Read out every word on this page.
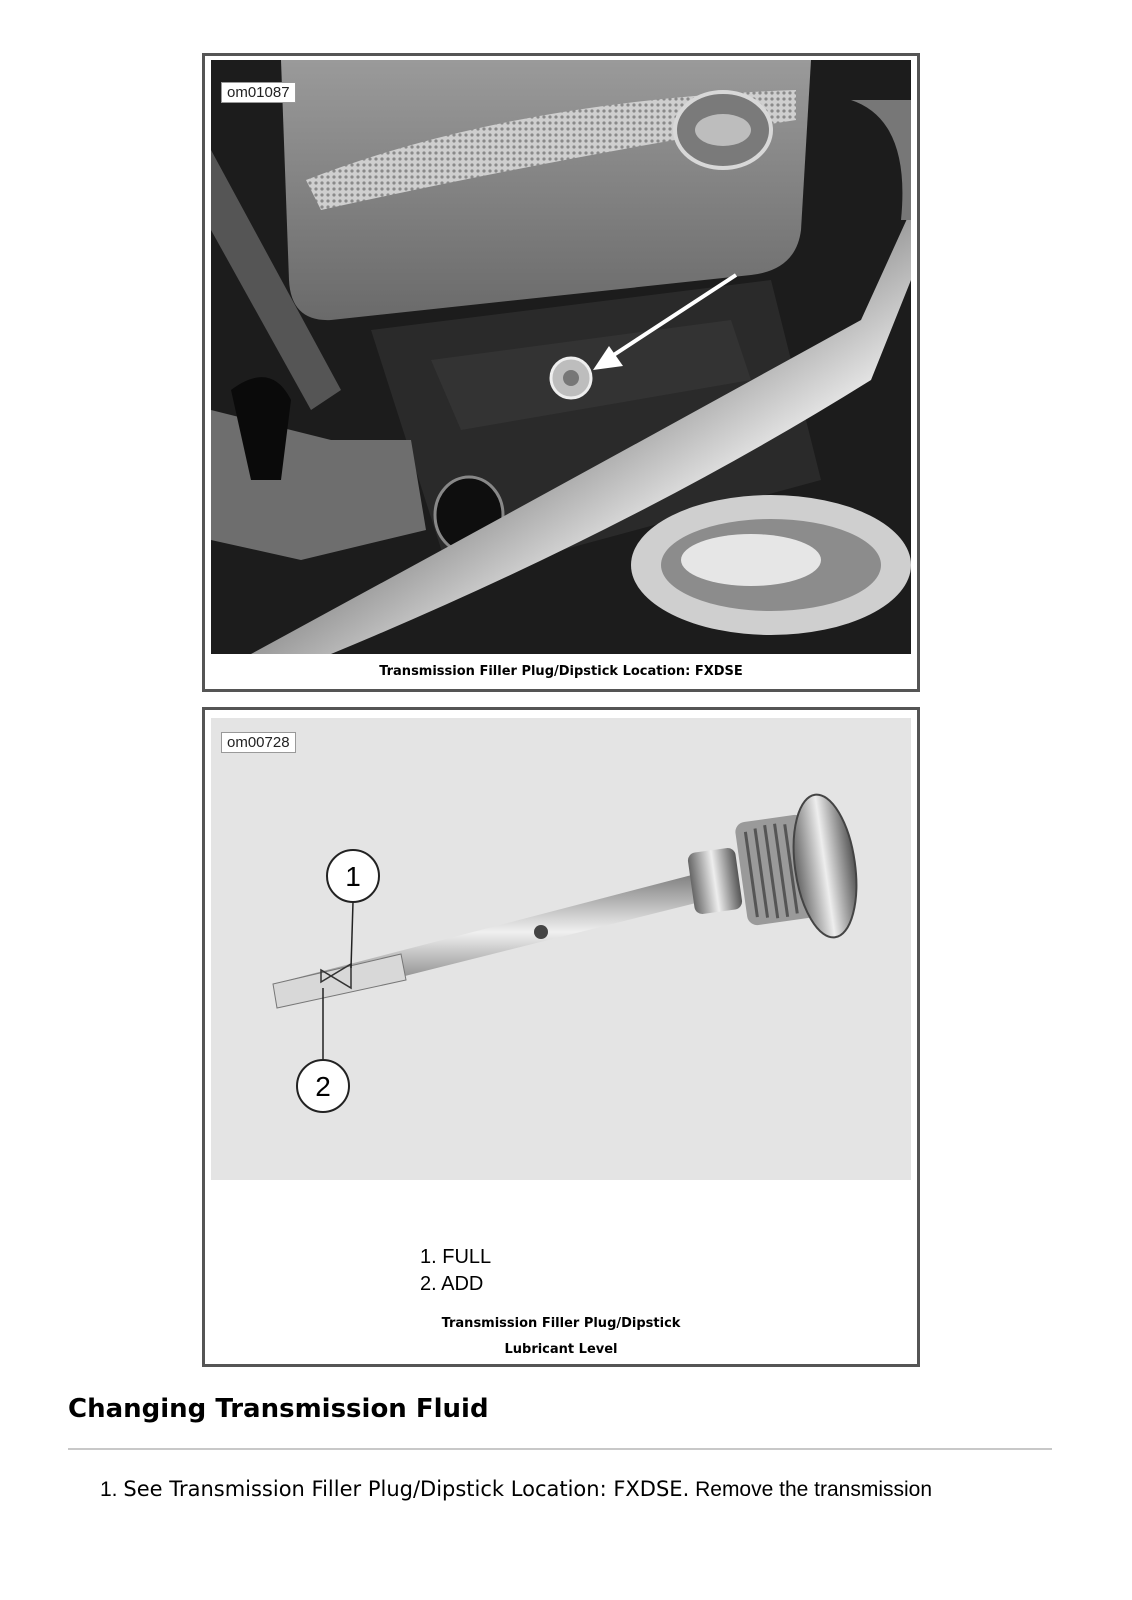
om01087
Transmission Filler Plug/Dipstick Location: FXDSE
1
2
om00728
1. FULL
2. ADD
Transmission Filler Plug/Dipstick
Lubricant Level
Changing Transmission Fluid
1. See Transmission Filler Plug/Dipstick Location: FXDSE. Remove the transmission
